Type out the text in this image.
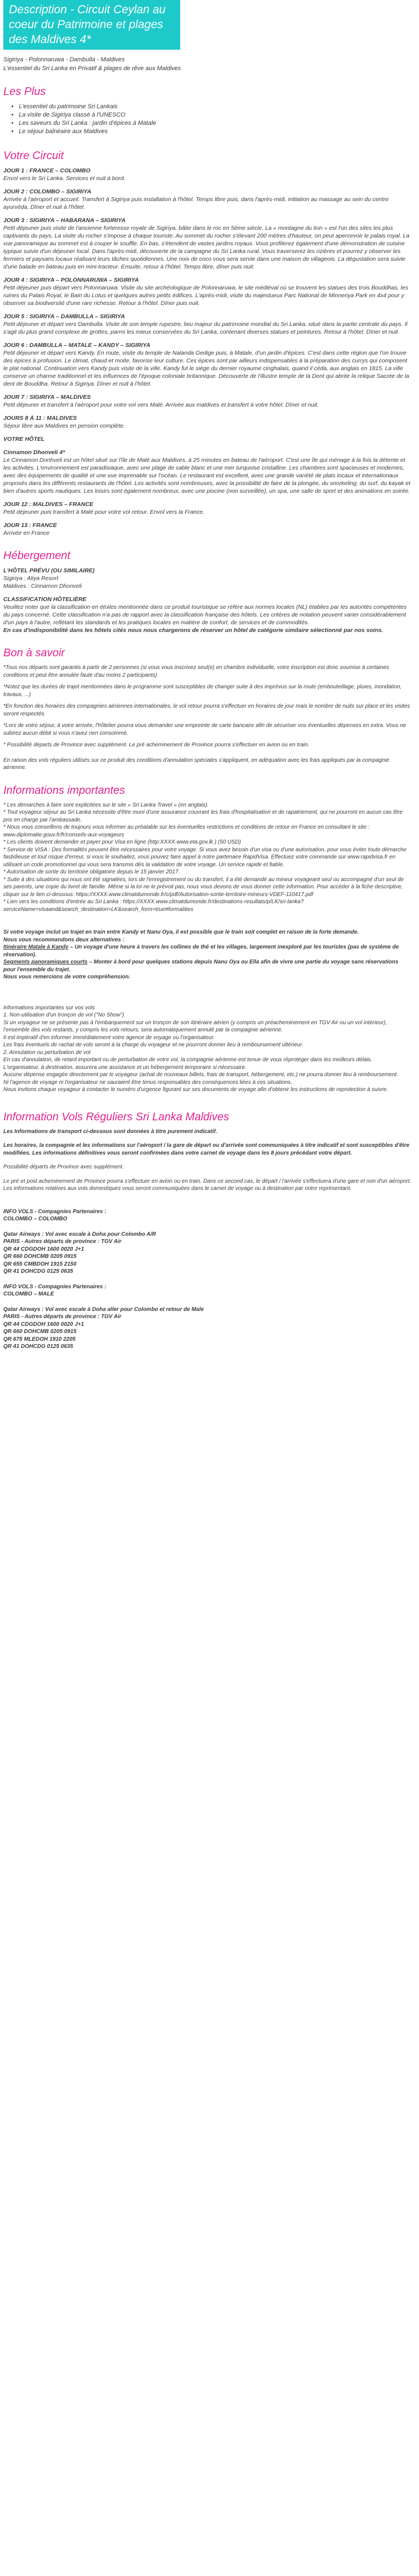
Description - Circuit Ceylan au coeur du Patrimoine et plages des Maldives 4*
Sigiriya - Polonnaruwa - Dambulla - Maldives
L'essentiel du Sri Lanka en Privatif & plages de rêve aux Maldives
Les Plus
• L'essentiel du patrimoine Sri Lankais
• La visite de Sigiriya classé à l'UNESCO
• Les saveurs du Sri Lanka : jardin d'épices à Matale
• Le séjour balnéaire aux Maldives
Votre Circuit
JOUR 1 : FRANCE – COLOMBO
Envol vers le Sri Lanka. Services et nuit à bord.
JOUR 2 : COLOMBO – SIGIRIYA
Arrivée à l'aéroport et accueil. Transfert à Sigiriya puis installation à l'hôtel. Temps libre puis, dans l'après-midi, initiation au massage au sein du centre ayurvéda. Dîner et nuit à l'hôtel.
JOUR 3 : SIGIRIYA – HABARANA – SIGIRIYA
Petit déjeuner puis visite de l'ancienne forteresse royale de Sigiriya, bâtie dans le roc en 5ème siècle. La « montagne du lion » est l'un des sites les plus captivants du pays. La visite du rocher s'impose à chaque touriste. Au sommet du rocher s'élevant 200 mètres d'hauteur, on peut apercevoir le palais royal. La vue panoramique au sommet est à couper le souffle. En bas, s'étendent de vastes jardins royaux. Vous profiterez également d'une démonstration de cuisine typique suivie d'un déjeuner local. Dans l'après-midi, découverte de la campagne du Sri Lanka rural. Vous traverserez les rizières et pourrez y observer les fermiers et paysans locaux réalisant leurs tâches quotidiennes. Une noix de coco vous sera servie dans une maison de villageois. La dégustation sera suivie d'une balade en bateau puis en mini-tracteur. Ensuite, retour à l'hôtel. Temps libre, dîner puis nuit.
JOUR 4 : SIGIRIYA – POLONNARUWA – SIGIRIYA
Petit déjeuner puis départ vers Polonnaruwa. Visite du site archéologique de Polonnaruwa, le site médiéval où se trouvent les statues des trois Bouddhas, les ruines du Palais Royal, le Bain du Lotus et quelques autres petits édifices. L'après-midi, visite du majestueux Parc National de Minneriya Park en 4x4 pour y observer sa biodiversité d'une rare richesse. Retour à l'hôtel. Dîner puis nuit.
JOUR 5 : SIGIRIYA – DAMBULLA – SIGIRIYA
Petit déjeuner et départ vers Dambulla. Visite de son temple rupestre, lieu majeur du patrimoine mondial du Sri Lanka, situé dans la partie centrale du pays. Il s'agit du plus grand complexe de grottes, parmi les mieux conservées du Sri Lanka, contenant diverses statues et peintures. Retour à l'hôtel. Dîner et nuit.
JOUR 6 : DAMBULLA – MATALE – KANDY – SIGIRIYA
Petit déjeuner et départ vers Kandy. En route, visite du temple de Nalanda Gedige puis, à Matale, d'un jardin d'épices. C'est dans cette région que l'on trouve des épices à profusion. Le climat, chaud et moite, favorise leur culture. Ces épices sont par ailleurs indispensables à la préparation des currys qui composent le plat national. Continuation vers Kandy puis visite de la ville. Kandy fut le siège du dernier royaume cinghalais, quand il céda, aux anglais en 1815. La ville conserve un charme traditionnel et les influences de l'époque coloniale britannique. Découverte de l'illustre temple de la Dent qui abrite la relique Sacrée de la dent de Bouddha. Retour à Sigiriya. Dîner et nuit à l'hôtel.
JOUR 7 : SIGIRIYA – MALDIVES
Petit déjeuner et transfert à l'aéroport pour votre vol vers Malé. Arrivée aux maldives et transfert à votre hôtel. Dîner et nuit.
JOURS 8 À 11 : MALDIVES
Séjour libre aux Maldives en pension complète.
VOTRE HÔTEL
Cinnamon Dhonveli 4*
Le Cinnamon Donhveli est un hôtel situé sur l'île de Malé aux Maldives, à 25 minutes en bateau de l'aéroport. C'est une île qui ménage à la fois la détente et les activités. L'environnement est paradisiaque, avec une plage de sable blanc et une mer turquoise cristalline. Les chambres sont spacieuses et modernes, avec des équipements de qualité et une vue imprenable sur l'océan. Le restaurant est excellent, avec une grande variété de plats locaux et internationaux proposés dans les différents restaurants de l'hôtel. Les activités sont nombreuses, avec la possibilité de faire de la plongée, du snorkeling, du surf, du kayak et bien d'autres sports nautiques. Les loisirs sont également nombreux, avec une piscine (non surveillée), un spa, une salle de sport et des animations en soirée.
JOUR 12 : MALDIVES – FRANCE
Petit déjeuner puis transfert à Malé pour votre vol retour. Envol vers la France.
JOUR 13 : FRANCE
Arrivée en France
Hébergement
L'HÔTEL PRÉVU (OU SIMILAIRE)
Sigiriya : Aliya Resort
Maldives : Cinnamon Dhonveli
CLASSIFICATION HÔTELIÈRE
Veuillez noter que la classification en étoiles mentionnée dans ce produit touristique se réfère aux normes locales (NL) établies par les autorités compétentes du pays concerné. Cette classification n'a pas de rapport avec la classification française des hôtels. Les critères de notation peuvent varier considérablement d'un pays à l'autre, reflétant les standards et les pratiques locales en matière de confort, de services et de commodités.
En cas d'indisponibilité dans les hôtels cités nous nous chargerons de réserver un hôtel de catégorie similaire sélectionné par nos soins.
Bon à savoir
*Tous nos départs sont garantis à partir de 2 personnes (si vous vous inscrivez seul(e) en chambre individuelle, votre inscription est donc soumise à certaines conditions et peut être annulée faute d'au moins 2 participants)
*Notez que les durées de trajet mentionnées dans le programme sont susceptibles de changer suite à des imprévus sur la route (embouteillage, pluies, inondation, travaux, ...)
*En fonction des horaires des compagnies aériennes internationales, le vol retour pourra s'effectuer en horaires de jour mais le nombre de nuits sur place et les visites seront respectés.
*Lors de votre séjour, à votre arrivée, l'hôtelier pourra vous demander une empreinte de carte bancaire afin de sécuriser vos éventuelles dépenses en extra. Vous ne subirez aucun débit si vous n'avez rien consommé.
* Possibilité départs de Province avec supplément. Le pré acheminement de Province pourra s'effectuer en avion ou en train.
En raison des vols réguliers utilisés sur ce produit des conditions d'annulation spéciales s'appliquent, en adéquation avec les frais appliqués par la compagnie aérienne.
Informations importantes
* Les démarches à faire sont explicitées sur le site « Sri Lanka Travel » (en anglais).
* Tout voyageur séjour au Sri Lanka nécessite d'être muni d'une assurance couvrant les frais d'hospitalisation et de rapatriement, qui ne pourront en aucun cas être pris en charge par l'ambassade.
* Nous vous conseillons de toujours vous informer au préalable sur les éventuelles restrictions et conditions de retour en France en consultant le site : www.diplomatie.gouv.fr/fr/conseils-aux-voyageurs
* Les clients doivent demander et payer pour Visa en ligne (http:XXXX.www.eta.gov.lk ) (50 USD)
* Service de VISA : Des formalités peuvent être nécessaires pour votre voyage. Si vous avez besoin d'un visa ou d'une autorisation, pour vous éviter toute démarche fastidieuse et tout risque d'erreur, si vous le souhaitez, vous pouvez faire appel à notre partenaire RapidVisa. Effectuez votre commande sur www.rapidvisa.fr en utilisant un code promotionnel qui vous sera transmis dès la validation de votre voyage. Un service rapide et fiable.
* Autorisation de sortie du territoire obligatoire depuis le 15 janvier 2017.
* Suite à des situations qui nous ont été signalées, lors de l'enregistrement ou du transfert, il a été demandé au mineur voyageant seul ou accompagné d'un seul de ses parents, une copie du livret de famille. Même si la loi ne le prévoit pas, nous vous devons de vous donner cette information. Pour accéder à la fiche descriptive, cliquer sur le lien ci-dessous: https://XXXX.www.climatdumonde.fr/c/pdf/Autorisation-sortie-territoire-mineurs-VDEF-110417.pdf
* Lien vers les conditions d'entrée au Sri Lanka : https://XXXX.www.climatdumonde.fr/destinations-resultats/p/LK/sri-lanka?serviceName=visaand&search_destination=LK&search_form=true#formalities
Si votre voyage inclut un trajet en train entre Kandy et Nanu Oya, il est possible que le train soit complet en raison de la forte demande.
Nous vous recommandons deux alternatives :
Itinéraire Matale à Kandy – Un voyage d'une heure à travers les collines de thé et les villages, largement inexploré par les touristes (pas de système de réservation).
Segments panoramiques courts – Monter à bord pour quelques stations depuis Nanu Oya ou Ella afin de vivre une partie du voyage sans réservations pour l'ensemble du trajet.
Nous vous remercions de votre compréhension.
Informations importantes sur vos vols
1. Non-utilisation d'un tronçon de vol ("No Show")
Si un voyageur ne se présente pas à l'embarquement sur un tronçon de son itinéraire aérien (y compris un préacheminement en TGV Air ou un vol intérieur), l'ensemble des vols restants, y compris les vols retours, sera automatiquement annulé par la compagnie aérienne.
Il est impératif d'en informer immédiatement votre agence de voyage ou l'organisateur.
Les frais éventuels de rachat de vols seront à la charge du voyageur et ne pourront donner lieu à remboursement ultérieur.
2. Annulation ou perturbation de vol
En cas d'annulation, de retard important ou de perturbation de votre vol, la compagnie aérienne est tenue de vous réprotéger dans les meilleurs délais.
L'organisateur, à destination, assurera une assistance et un hébergement temporaire si nécessaire.
Aucune dépense engagée directement par le voyageur (achat de nouveaux billets, frais de transport, hébergement, etc.) ne pourra donner lieu à remboursement.
Ni l'agence de voyage ni l'organisateur ne sauraient être tenus responsables des conséquences liées à ces situations.
Nous invitons chaque voyageur à contacter le numéro d'urgence figurant sur ses documents de voyage afin d'obtenir les instructions de reprotection à suivre.
Information Vols Réguliers Sri Lanka Maldives
Les Informations de transport ci-dessous sont données à titre purement indicatif.
Les horaires, la compagnie et les informations sur l'aéroport / la gare de départ ou d'arrivée sont communiquées à titre indicatif et sont susceptibles d'être modifiées. Les informations définitives vous seront confirmées dans votre carnet de voyage dans les 8 jours précédant votre départ.
Possibilité départs de Province avec supplément.
Le pré et post acheminement de Province pourra s'effectuer en avion ou en train. Dans ce second cas, le départ / l'arrivée s'effectuera d'une gare et non d'un aéroport.
Les informations relatives aux vols domestiques vous seront communiquées dans le carnet de voyage ou à destination par notre représentant.
INFO VOLS - Compagnies Partenaires :
COLOMBO – COLOMBO
Qatar Airways : Vol avec escale à Doha pour Colombo A/R
PARIS - Autres départs de province : TGV Air
QR 44 CDGDOH 1600 0020 J+1
QR 660 DOHCMB 0205 0915
QR 655 CMBDOH 1915 2150
QR 41 DOHCDG 0125 0635
INFO VOLS - Compagnies Partenaires :
COLOMBO – MALE
Qatar Airways : Vol avec escale à Doha aller pour Colombo et retour de Male
PARIS - Autres départs de province : TGV Air
QR 44 CDGDOH 1600 0020 J+1
QR 660 DOHCMB 0205 0915
QR 675 MLEDOH 1910 2205
QR 41 DOHCDG 0125 0635
